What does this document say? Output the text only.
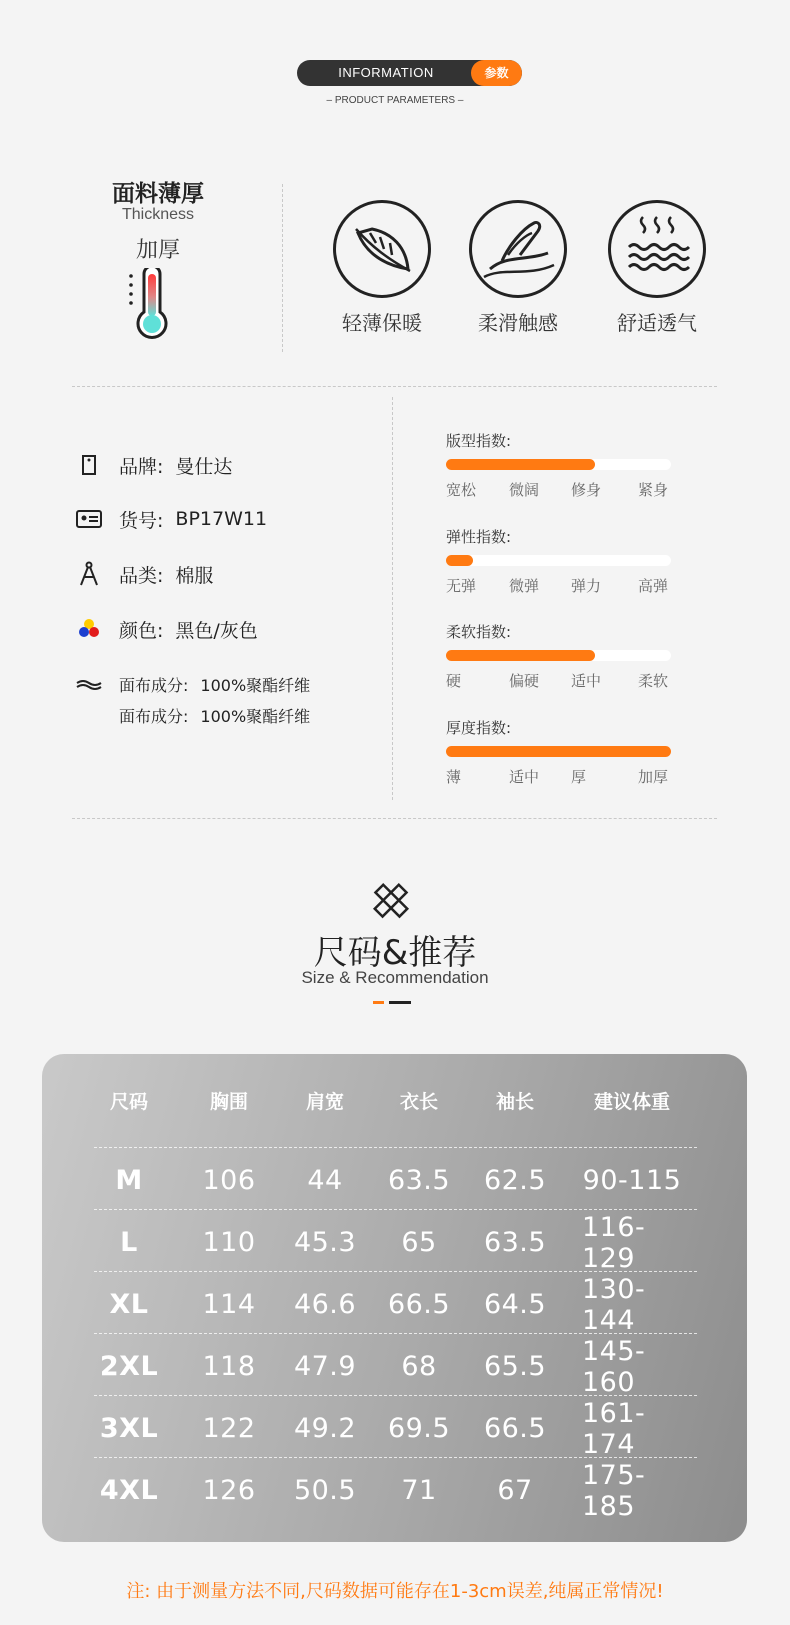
INFORMATION	参数
– PRODUCT PARAMETERS –
面料薄厚
Thickness
加厚
轻薄保暖	柔滑触感	舒适透气
品牌: 曼仕达
货号: BP17W11
品类: 棉服
颜色: 黑色/灰色
面布成分: 100%聚酯纤维
面布成分: 100%聚酯纤维
版型指数:
宽松 微阔 修身 紧身
弹性指数:
无弹 微弹 弹力 高弹
柔软指数:
硬	偏硬 适中 柔软
厚度指数:
薄	适中 厚	加厚
尺码&推荐
Size & Recommendation
尺码	胸围	肩宽	衣长	袖长	建议体重
M	106	44	63.5	62.5	90-115
L	110	45.3	65	63.5	116-129
XL	114	46.6	66.5	64.5	130-144
2XL	118	47.9	68	65.5	145-160
3XL	122	49.2	69.5	66.5	161-174
4XL	126	50.5	71	67	175-185
注: 由于测量方法不同,尺码数据可能存在1-3cm误差,纯属正常情况!
